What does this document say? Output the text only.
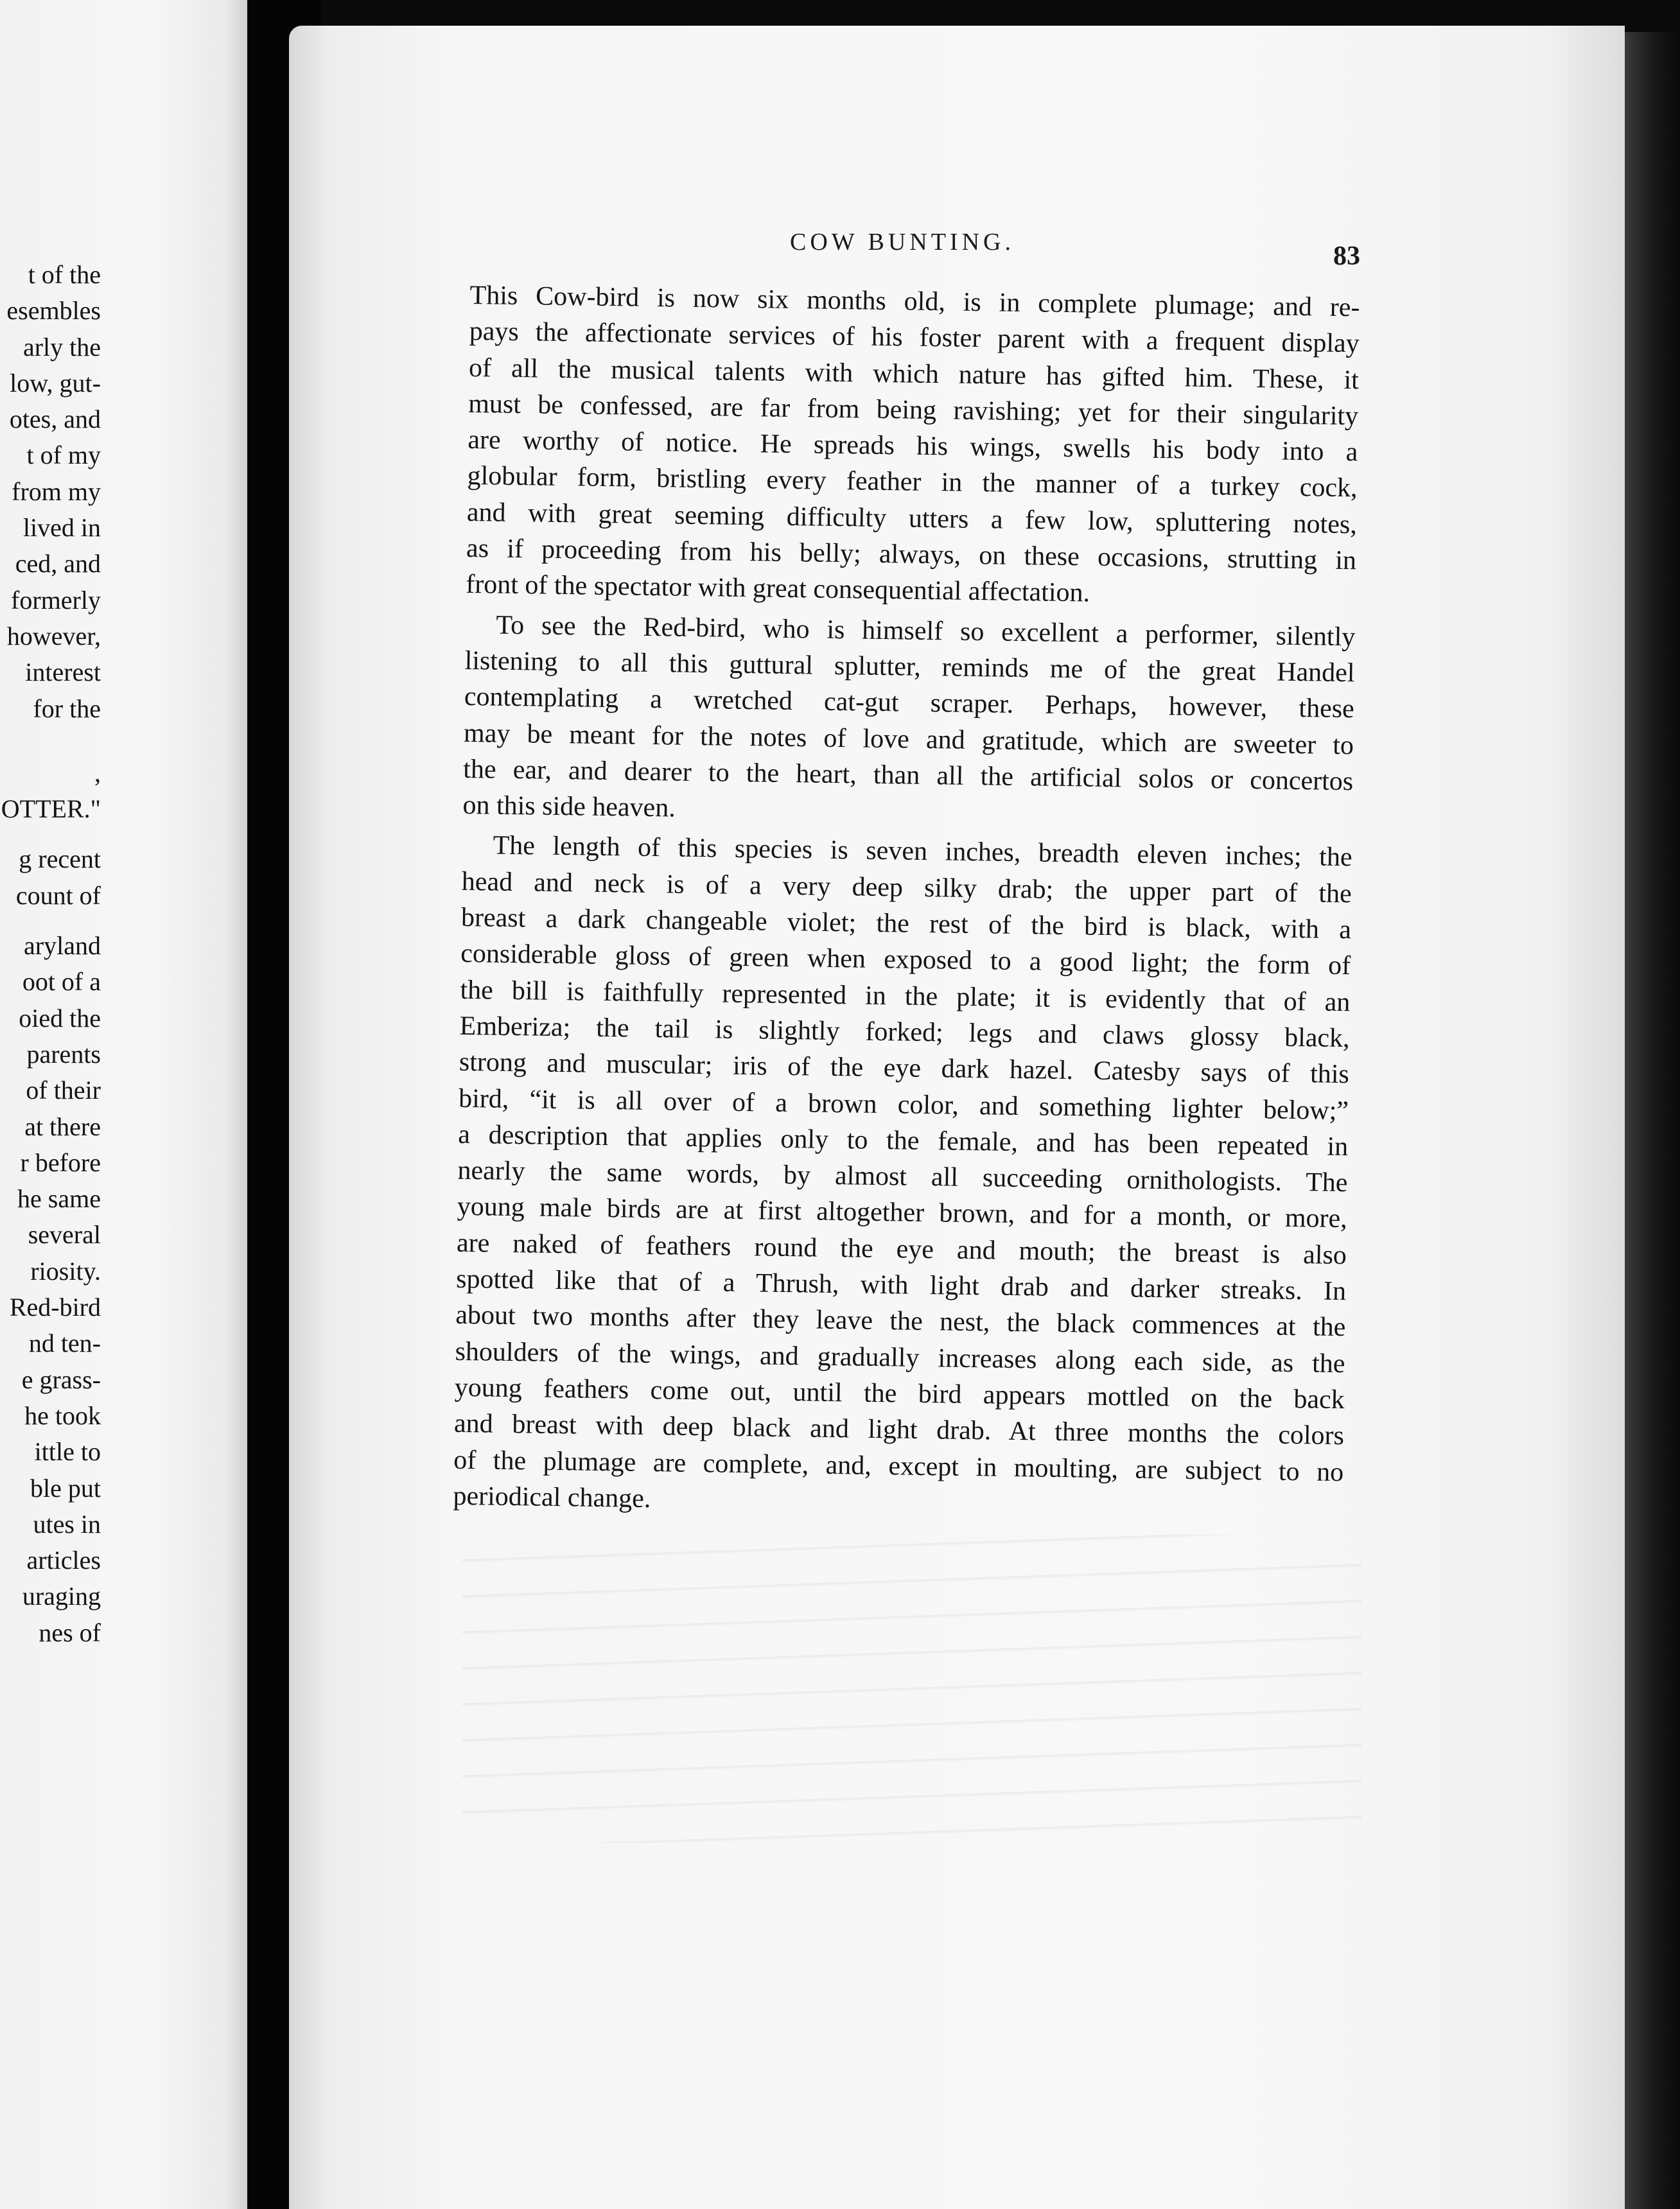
t of the
esembles
arly the
low, gut-
otes, and
t of my
from my
lived in
ced, and
formerly
however,
interest
for the
,
OTTER."
g recent
count of
aryland
oot of a
oied the
parents
of their
at there
r before
he same
several
riosity.
Red-bird
nd ten-
e grass-
he took
ittle to
ble put
utes in
articles
uraging
nes of
COW BUNTING.	83
This Cow-bird is now six months old, is in complete plumage; and re-
pays the affectionate services of his foster parent with a frequent display
of all the musical talents with which nature has gifted him. These, it
must be confessed, are far from being ravishing; yet for their singularity
are worthy of notice. He spreads his wings, swells his body into a
globular form, bristling every feather in the manner of a turkey cock,
and with great seeming difficulty utters a few low, spluttering notes,
as if proceeding from his belly; always, on these occasions, strutting in
front of the spectator with great consequential affectation.
To see the Red-bird, who is himself so excellent a performer, silently
listening to all this guttural splutter, reminds me of the great Handel
contemplating a wretched cat-gut scraper. Perhaps, however, these
may be meant for the notes of love and gratitude, which are sweeter to
the ear, and dearer to the heart, than all the artificial solos or concertos
on this side heaven.
The length of this species is seven inches, breadth eleven inches; the
head and neck is of a very deep silky drab; the upper part of the
breast a dark changeable violet; the rest of the bird is black, with a
considerable gloss of green when exposed to a good light; the form of
the bill is faithfully represented in the plate; it is evidently that of an
Emberiza; the tail is slightly forked; legs and claws glossy black,
strong and muscular; iris of the eye dark hazel. Catesby says of this
bird, “it is all over of a brown color, and something lighter below;”
a description that applies only to the female, and has been repeated in
nearly the same words, by almost all succeeding ornithologists. The
young male birds are at first altogether brown, and for a month, or more,
are naked of feathers round the eye and mouth; the breast is also
spotted like that of a Thrush, with light drab and darker streaks. In
about two months after they leave the nest, the black commences at the
shoulders of the wings, and gradually increases along each side, as the
young feathers come out, until the bird appears mottled on the back
and breast with deep black and light drab. At three months the colors
of the plumage are complete, and, except in moulting, are subject to no
periodical change.
